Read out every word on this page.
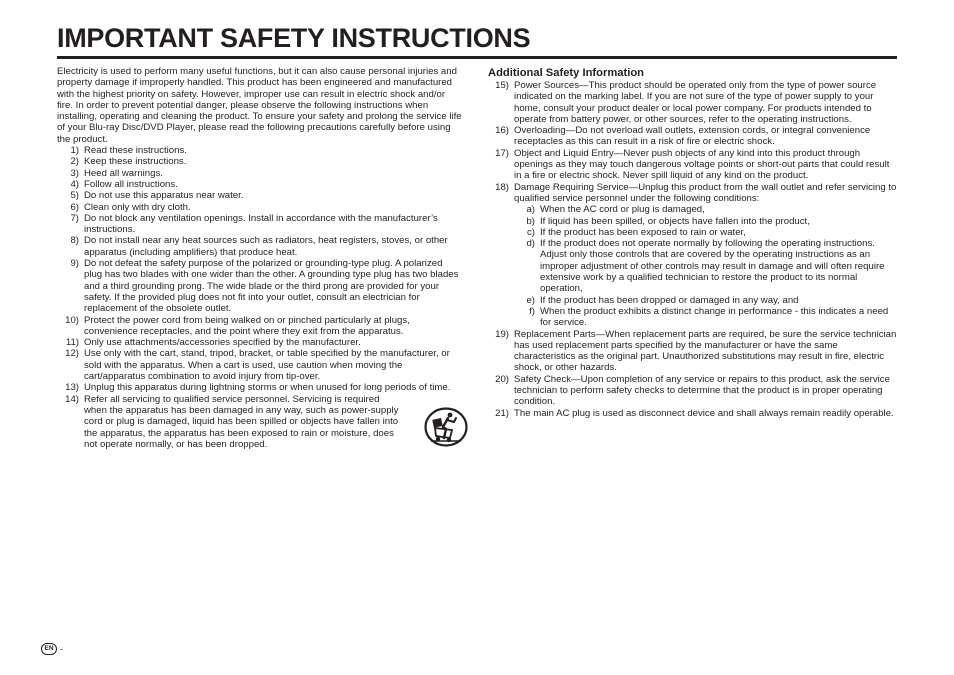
IMPORTANT SAFETY INSTRUCTIONS

Electricity is used to perform many useful functions, but it can also cause personal injuries and property damage if improperly handled. This product has been engineered and manufactured with the highest priority on safety. However, improper use can result in electric shock and/or fire. In order to prevent potential danger, please observe the following instructions when installing, operating and cleaning the product. To ensure your safety and prolong the service life of your Blu-ray Disc/DVD Player, please read the following precautions carefully before using the product.

1) Read these instructions.
2) Keep these instructions.
3) Heed all warnings.
4) Follow all instructions.
5) Do not use this apparatus near water.
6) Clean only with dry cloth.
7) Do not block any ventilation openings. Install in accordance with the manufacturer’s instructions.
8) Do not install near any heat sources such as radiators, heat registers, stoves, or other apparatus (including amplifiers) that produce heat.
9) Do not defeat the safety purpose of the polarized or grounding-type plug. A polarized plug has two blades with one wider than the other. A grounding type plug has two blades and a third grounding prong. The wide blade or the third prong are provided for your safety. If the provided plug does not fit into your outlet, consult an electrician for replacement of the obsolete outlet.
10) Protect the power cord from being walked on or pinched particularly at plugs, convenience receptacles, and the point where they exit from the apparatus.
11) Only use attachments/accessories specified by the manufacturer.
12) Use only with the cart, stand, tripod, bracket, or table specified by the manufacturer, or sold with the apparatus. When a cart is used, use caution when moving the cart/apparatus combination to avoid injury from tip-over.
13) Unplug this apparatus during lightning storms or when unused for long periods of time.
14) Refer all servicing to qualified service personnel. Servicing is required when the apparatus has been damaged in any way, such as power-supply cord or plug is damaged, liquid has been spilled or objects have fallen into the apparatus, the apparatus has been exposed to rain or moisture, does not operate normally, or has been dropped.
Additional Safety Information
15) Power Sources—This product should be operated only from the type of power source indicated on the marking label. If you are not sure of the type of power supply to your home, consult your product dealer or local power company. For products intended to operate from battery power, or other sources, refer to the operating instructions.
16) Overloading—Do not overload wall outlets, extension cords, or integral convenience receptacles as this can result in a risk of fire or electric shock.
17) Object and Liquid Entry—Never push objects of any kind into this product through openings as they may touch dangerous voltage points or short-out parts that could result in a fire or electric shock. Never spill liquid of any kind on the product.
18) Damage Requiring Service—Unplug this product from the wall outlet and refer servicing to qualified service personnel under the following conditions:
a) When the AC cord or plug is damaged,
b) If liquid has been spilled, or objects have fallen into the product,
c) If the product has been exposed to rain or water,
d) If the product does not operate normally by following the operating instructions.
Adjust only those controls that are covered by the operating instructions as an improper adjustment of other controls may result in damage and will often require extensive work by a qualified technician to restore the product to its normal operation,
e) If the product has been dropped or damaged in any way, and
f) When the product exhibits a distinct change in performance - this indicates a need for service.
19) Replacement Parts—When replacement parts are required, be sure the service technician has used replacement parts specified by the manufacturer or have the same characteristics as the original part. Unauthorized substitutions may result in fire, electric shock, or other hazards.
20) Safety Check—Upon completion of any service or repairs to this product, ask the service technician to perform safety checks to determine that the product is in proper operating condition.
21) The main AC plug is used as disconnect device and shall always remain readily operable.
EN -
